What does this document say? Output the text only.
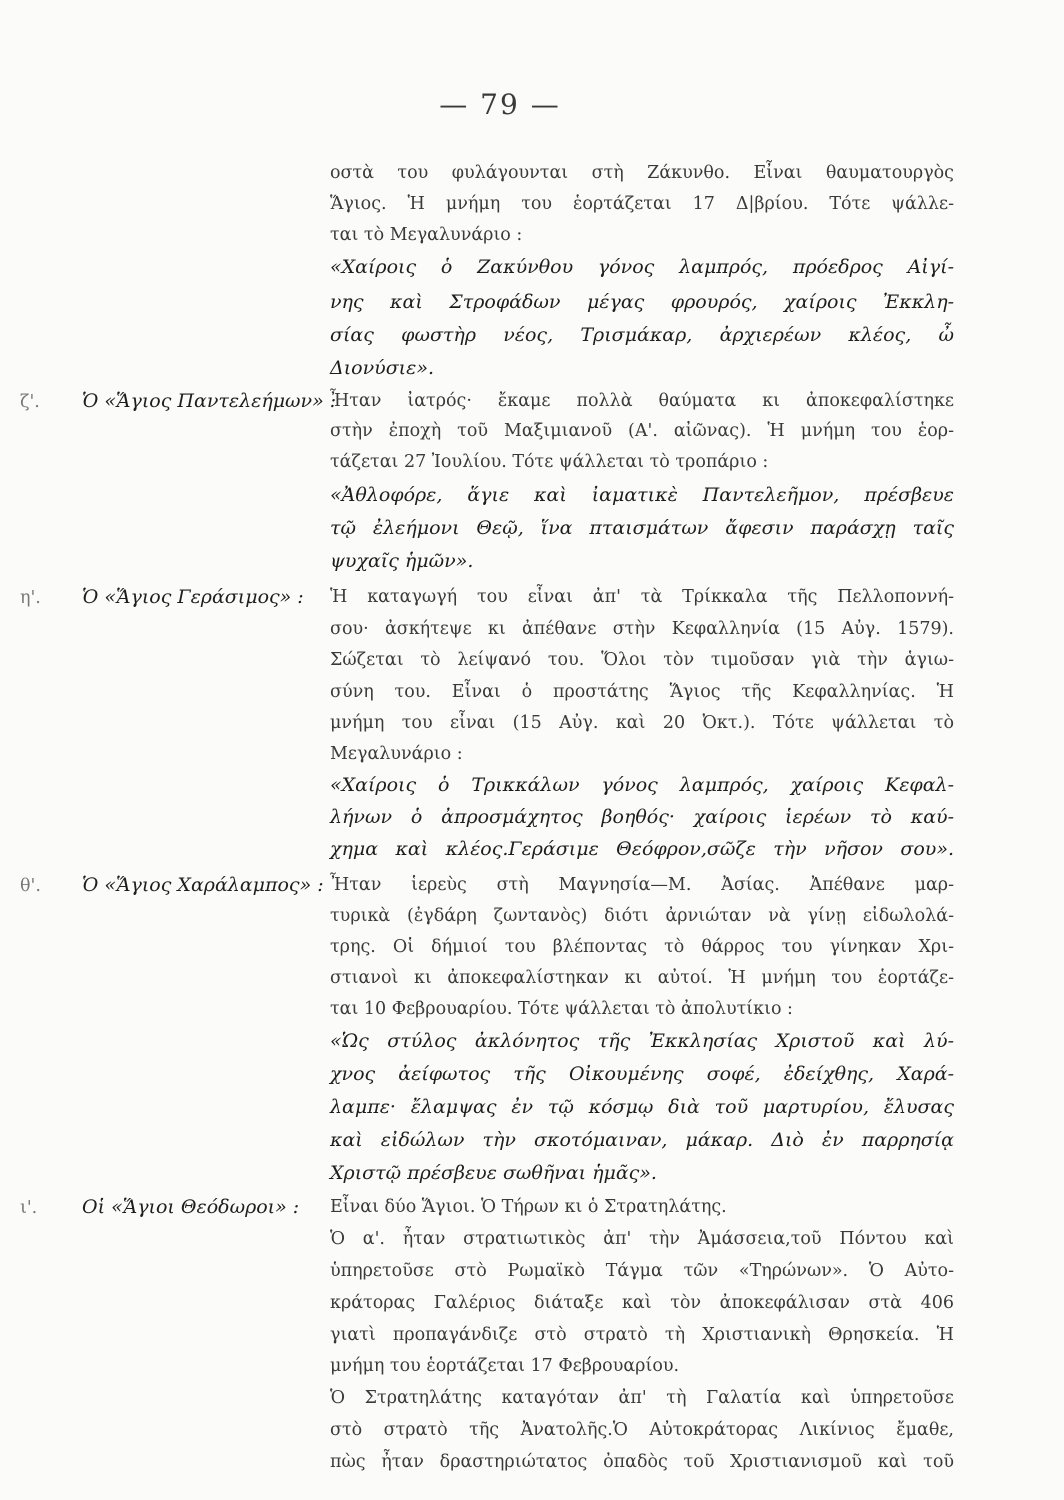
— 79 —
οστὰ του φυλάγουνται στὴ Ζάκυνθο. Εἶναι θαυματουργὸς
Ἅγιος. Ἡ μνήμη του ἑορτάζεται 17 Δ|βρίου. Τότε ψάλλε-
ται τὸ Μεγαλυνάριο :
«Χαίροις ὁ Ζακύνθου γόνος λαμπρός, πρόεδρος Αἰγί-
νης καὶ Στροφάδων μέγας φρουρός, χαίροις Ἐκκλη-
σίας φωστὴρ νέος, Τρισμάκαρ, ἀρχιερέων κλέος, ὦ
Διονύσιε».
ζ'. Ὁ «Ἅγιος Παντελεήμων» :
Ἦταν ἰατρός· ἔκαμε πολλὰ θαύματα κι ἀποκεφαλίστηκε
στὴν ἐποχὴ τοῦ Μαξιμιανοῦ (Α'. αἰῶνας). Ἡ μνήμη του ἑορ-
τάζεται 27 Ἰουλίου. Τότε ψάλλεται τὸ τροπάριο :
«Ἀθλοφόρε, ἅγιε καὶ ἰαματικὲ Παντελεῆμον, πρέσβευε
τῷ ἐλεήμονι Θεῷ, ἵνα πταισμάτων ἄφεσιν παράσχῃ ταῖς
ψυχαῖς ἡμῶν».
η'. Ὁ «Ἅγιος Γεράσιμος» :	Ἡ καταγωγή του εἶναι ἀπ' τὰ Τρίκκαλα τῆς Πελλοποννή-
σου· ἀσκήτεψε κι ἀπέθανε στὴν Κεφαλληνία (15 Αὐγ. 1579).
Σώζεται τὸ λείψανό του. Ὅλοι τὸν τιμοῦσαν γιὰ τὴν ἁγιω-
σύνη του. Εἶναι ὁ προστάτης Ἅγιος τῆς Κεφαλληνίας. Ἡ
μνήμη του εἶναι (15 Αὐγ. καὶ 20 Ὀκτ.). Τότε ψάλλεται τὸ
Μεγαλυνάριο :
«Χαίροις ὁ Τρικκάλων γόνος λαμπρός, χαίροις Κεφαλ-
λήνων ὁ ἀπροσμάχητος βοηθός· χαίροις ἱερέων τὸ καύ-
χημα καὶ κλέος.Γεράσιμε Θεόφρον,σῶζε τὴν νῆσον σου».
θ'. Ὁ «Ἅγιος Χαράλαμπος» : Ἦταν ἱερεὺς στὴ Μαγνησία—Μ. Ἀσίας. Ἀπέθανε μαρ-
τυρικὰ (ἐγδάρη ζωντανὸς) διότι ἀρνιώταν νὰ γίνῃ εἰδωλολά-
τρης. Οἱ δήμιοί του βλέποντας τὸ θάρρος του γίνηκαν Χρι-
στιανοὶ κι ἀποκεφαλίστηκαν κι αὐτοί. Ἡ μνήμη του ἑορτάζε-
ται 10 Φεβρουαρίου. Τότε ψάλλεται τὸ ἀπολυτίκιο :
«Ὡς στύλος ἀκλόνητος τῆς Ἐκκλησίας Χριστοῦ καὶ λύ-
χνος ἀείφωτος τῆς Οἰκουμένης σοφέ, ἐδείχθης, Χαρά-
λαμπε· ἔλαμψας ἐν τῷ κόσμῳ διὰ τοῦ μαρτυρίου, ἔλυσας
καὶ εἰδώλων τὴν σκοτόμαιναν, μάκαρ. Διὸ ἐν παρρησίᾳ
Χριστῷ πρέσβευε σωθῆναι ἡμᾶς».
ι'. Οἱ «Ἅγιοι Θεόδωροι» :	Εἶναι δύο Ἅγιοι. Ὁ Τήρων κι ὁ Στρατηλάτης.
Ὁ α'. ἦταν στρατιωτικὸς ἀπ' τὴν Ἀμάσσεια,τοῦ Πόντου καὶ
ὑπηρετοῦσε στὸ Ρωμαϊκὸ Τάγμα τῶν «Τηρώνων». Ὁ Αὐτο-
κράτορας Γαλέριος διάταξε καὶ τὸν ἀποκεφάλισαν στὰ 406
γιατὶ προπαγάνδιζε στὸ στρατὸ τὴ Χριστιανικὴ Θρησκεία. Ἡ
μνήμη του ἑορτάζεται 17 Φεβρουαρίου.
Ὁ Στρατηλάτης καταγόταν ἀπ' τὴ Γαλατία καὶ ὑπηρετοῦσε
στὸ στρατὸ τῆς Ἀνατολῆς.Ὁ Αὐτοκράτορας Λικίνιος ἔμαθε,
πὼς ἦταν δραστηριώτατος ὀπαδὸς τοῦ Χριστιανισμοῦ καὶ τοῦ
